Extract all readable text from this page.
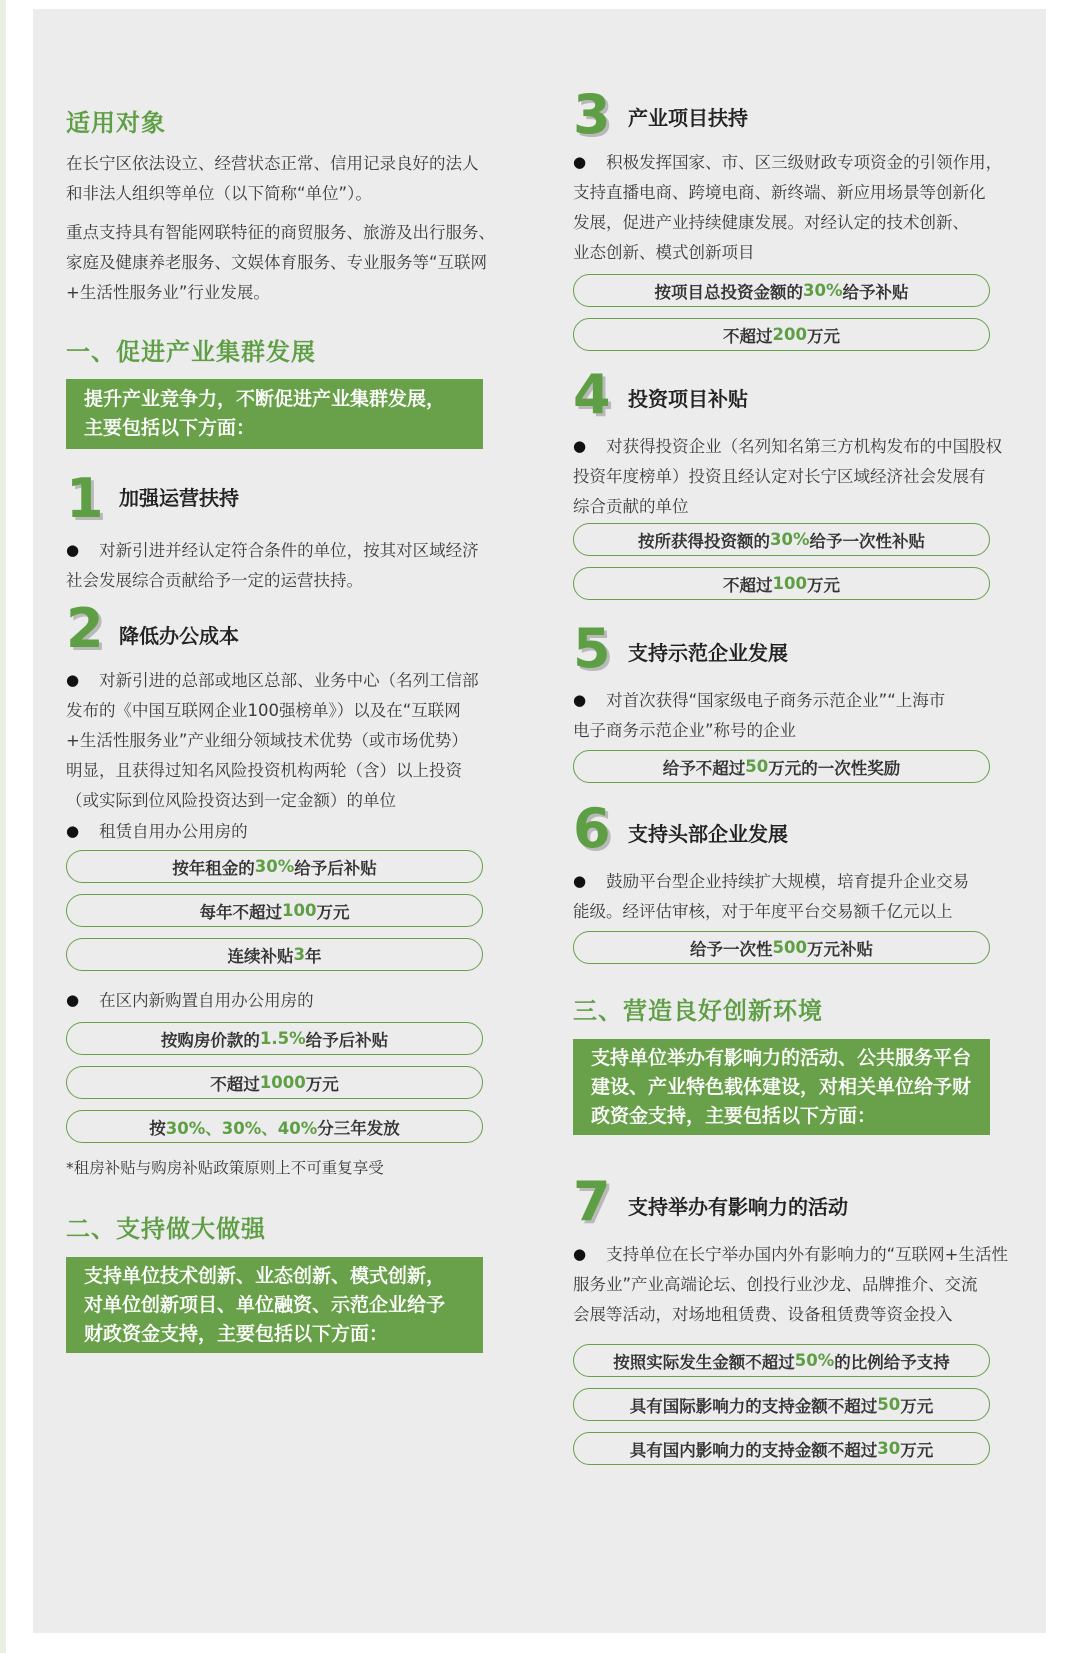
适用对象
在长宁区依法设立、经营状态正常、信用记录良好的法人
和非法人组织等单位（以下简称“单位”）。
重点支持具有智能网联特征的商贸服务、旅游及出行服务、
家庭及健康养老服务、文娱体育服务、专业服务等“互联网
+生活性服务业”行业发展。
一、促进产业集群发展
提升产业竞争力，不断促进产业集群发展，
主要包括以下方面：
1 加强运营扶持
● 对新引进并经认定符合条件的单位，按其对区域经济
社会发展综合贡献给予一定的运营扶持。
2 降低办公成本
● 对新引进的总部或地区总部、业务中心（名列工信部
发布的《中国互联网企业100强榜单》）以及在“互联网
+生活性服务业”产业细分领域技术优势（或市场优势）
明显，且获得过知名风险投资机构两轮（含）以上投资
（或实际到位风险投资达到一定金额）的单位
● 租赁自用办公用房的
按年租金的 30% 给予后补贴
每年不超过 100 万元
连续补贴 3 年
● 在区内新购置自用办公用房的
按购房价款的 1.5% 给予后补贴
不超过 1000 万元
按 30%、30%、40% 分三年发放
*租房补贴与购房补贴政策原则上不可重复享受
二、支持做大做强
支持单位技术创新、业态创新、模式创新，
对单位创新项目、单位融资、示范企业给予
财政资金支持，主要包括以下方面：
3 产业项目扶持
● 积极发挥国家、市、区三级财政专项资金的引领作用，
支持直播电商、跨境电商、新终端、新应用场景等创新化
发展，促进产业持续健康发展。对经认定的技术创新、
业态创新、模式创新项目
按项目总投资金额的 30% 给予补贴
不超过 200 万元
4 投资项目补贴
● 对获得投资企业（名列知名第三方机构发布的中国股权
投资年度榜单）投资且经认定对长宁区域经济社会发展有
综合贡献的单位
按所获得投资额的 30% 给予一次性补贴
不超过 100 万元
5 支持示范企业发展
● 对首次获得“国家级电子商务示范企业”“上海市
电子商务示范企业”称号的企业
给予不超过 50 万元的一次性奖励
6 支持头部企业发展
● 鼓励平台型企业持续扩大规模，培育提升企业交易
能级。经评估审核，对于年度平台交易额千亿元以上
给予一次性 500 万元补贴
三、营造良好创新环境
支持单位举办有影响力的活动、公共服务平台
建设、产业特色载体建设，对相关单位给予财
政资金支持，主要包括以下方面：
7 支持举办有影响力的活动
● 支持单位在长宁举办国内外有影响力的“互联网+生活性
服务业”产业高端论坛、创投行业沙龙、品牌推介、交流
会展等活动，对场地租赁费、设备租赁费等资金投入
按照实际发生金额不超过 50% 的比例给予支持
具有国际影响力的支持金额不超过 50 万元
具有国内影响力的支持金额不超过 30 万元
